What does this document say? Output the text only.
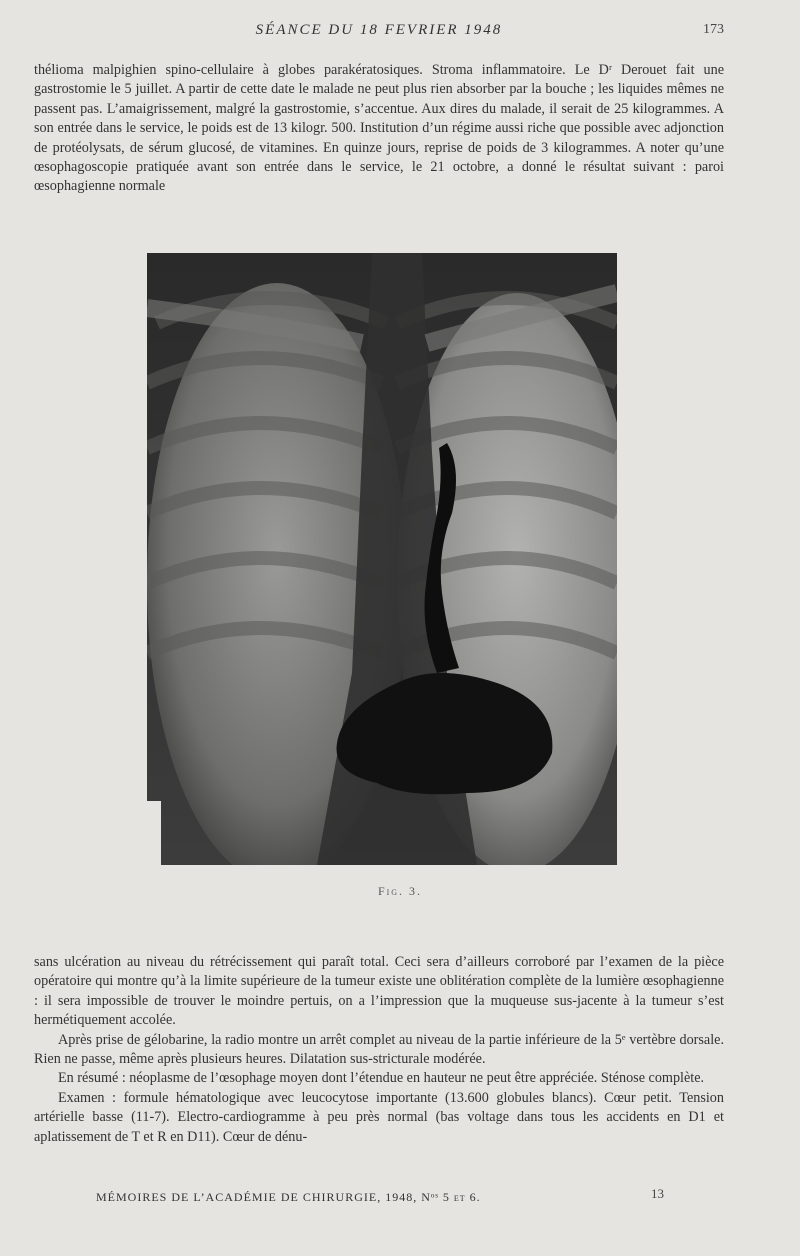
SÉANCE DU 18 FEVRIER 1948	173

thélioma malpighien spino-cellulaire à globes parakératosiques. Stroma inflammatoire. Le Dʳ Derouet fait une gastrostomie le 5 juillet. A partir de cette date le malade ne peut plus rien absorber par la bouche ; les liquides mêmes ne passent pas. L’amaigrissement, malgré la gastrostomie, s’accentue. Aux dires du malade, il serait de 25 kilogrammes. A son entrée dans le service, le poids est de 13 kilogr. 500. Institution d’un régime aussi riche que possible avec adjonction de protéolysats, de sérum glucosé, de vitamines. En quinze jours, reprise de poids de 3 kilogrammes. A noter qu’une œsophagoscopie pratiquée avant son entrée dans le service, le 21 octobre, a donné le résultat suivant : paroi œsophagienne normale

Fig. 3.

sans ulcération au niveau du rétrécissement qui paraît total. Ceci sera d’ailleurs corroboré par l’examen de la pièce opératoire qui montre qu’à la limite supérieure de la tumeur existe une oblitération complète de la lumière œsophagienne : il sera impossible de trouver le moindre pertuis, on a l’impression que la muqueuse sus-jacente à la tumeur s’est hermétiquement accolée.

Après prise de gélobarine, la radio montre un arrêt complet au niveau de la partie inférieure de la 5ᵉ vertèbre dorsale. Rien ne passe, même après plusieurs heures. Dilatation sus-stricturale modérée.

En résumé : néoplasme de l’œsophage moyen dont l’étendue en hauteur ne peut être appréciée. Sténose complète.

Examen : formule hématologique avec leucocytose importante (13.600 globules blancs). Cœur petit. Tension artérielle basse (11-7). Electro-cardiogramme à peu près normal (bas voltage dans tous les accidents en D1 et aplatissement de T et R en D11). Cœur de dénu-

MÉMOIRES DE L’ACADÉMIE DE CHIRURGIE, 1948, Nᵒˢ 5 et 6.	13
